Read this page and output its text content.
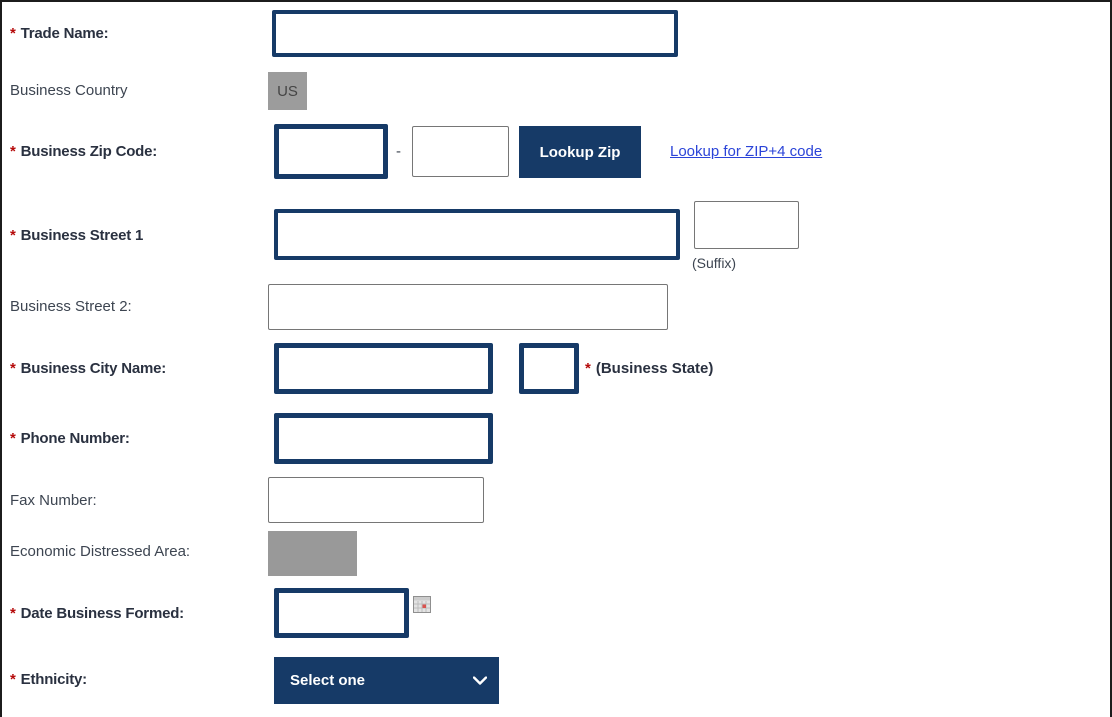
* Trade Name:
Business Country	US
* Business Zip Code:	-	Lookup Zip	Lookup for ZIP+4 code
* Business Street 1
(Suffix)
Business Street 2:
* Business City Name:	* (Business State)
* Phone Number:
Fax Number:
Economic Distressed Area:
* Date Business Formed:
* Ethnicity:
Select one
